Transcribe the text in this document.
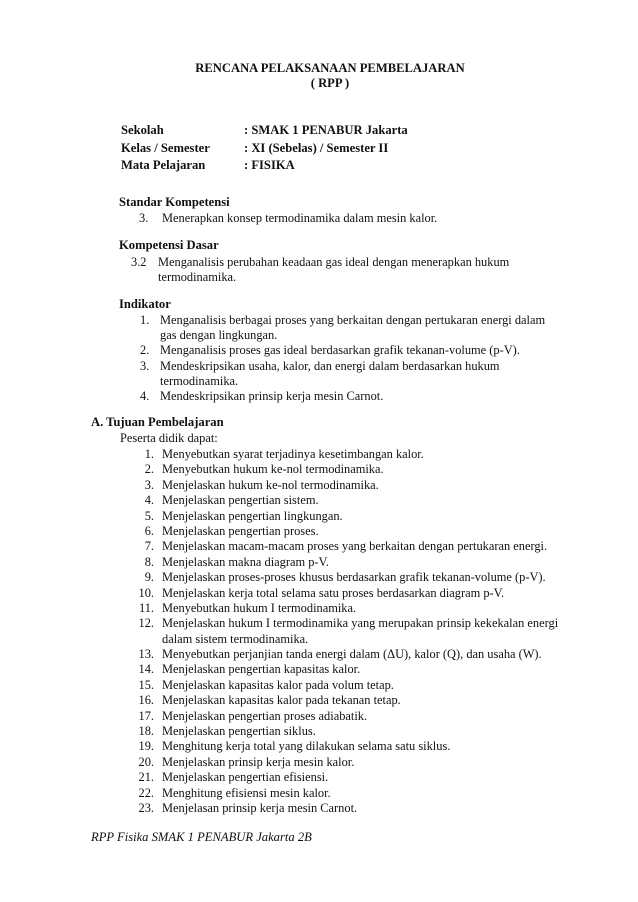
RENCANA PELAKSANAAN PEMBELAJARAN
( RPP )
Sekolah	: SMAK 1 PENABUR Jakarta
Kelas / Semester	: XI (Sebelas) / Semester II
Mata Pelajaran	: FISIKA
Standar Kompetensi
3. Menerapkan konsep termodinamika dalam mesin kalor.
Kompetensi Dasar
3.2 Menganalisis perubahan keadaan gas ideal dengan menerapkan hukum
termodinamika.
Indikator
1. Menganalisis berbagai proses yang berkaitan dengan pertukaran energi dalam
gas dengan lingkungan.
2. Menganalisis proses gas ideal berdasarkan grafik tekanan-volume (p-V).
3. Mendeskripsikan usaha, kalor, dan energi dalam berdasarkan hukum
termodinamika.
4. Mendeskripsikan prinsip kerja mesin Carnot.
A. Tujuan Pembelajaran
Peserta didik dapat:
1. Menyebutkan syarat terjadinya kesetimbangan kalor.
2. Menyebutkan hukum ke-nol termodinamika.
3. Menjelaskan hukum ke-nol termodinamika.
4. Menjelaskan pengertian sistem.
5. Menjelaskan pengertian lingkungan.
6. Menjelaskan pengertian proses.
7. Menjelaskan macam-macam proses yang berkaitan dengan pertukaran energi.
8. Menjelaskan makna diagram p-V.
9. Menjelaskan proses-proses khusus berdasarkan grafik tekanan-volume (p-V).
10. Menjelaskan kerja total selama satu proses berdasarkan diagram p-V.
11. Menyebutkan hukum I termodinamika.
12. Menjelaskan hukum I termodinamika yang merupakan prinsip kekekalan energi
dalam sistem termodinamika.
13. Menyebutkan perjanjian tanda energi dalam (ΔU), kalor (Q), dan usaha (W).
14. Menjelaskan pengertian kapasitas kalor.
15. Menjelaskan kapasitas kalor pada volum tetap.
16. Menjelaskan kapasitas kalor pada tekanan tetap.
17. Menjelaskan pengertian proses adiabatik.
18. Menjelaskan pengertian siklus.
19. Menghitung kerja total yang dilakukan selama satu siklus.
20. Menjelaskan prinsip kerja mesin kalor.
21. Menjelaskan pengertian efisiensi.
22. Menghitung efisiensi mesin kalor.
23. Menjelasan prinsip kerja mesin Carnot.
RPP Fisika SMAK 1 PENABUR Jakarta 2B
